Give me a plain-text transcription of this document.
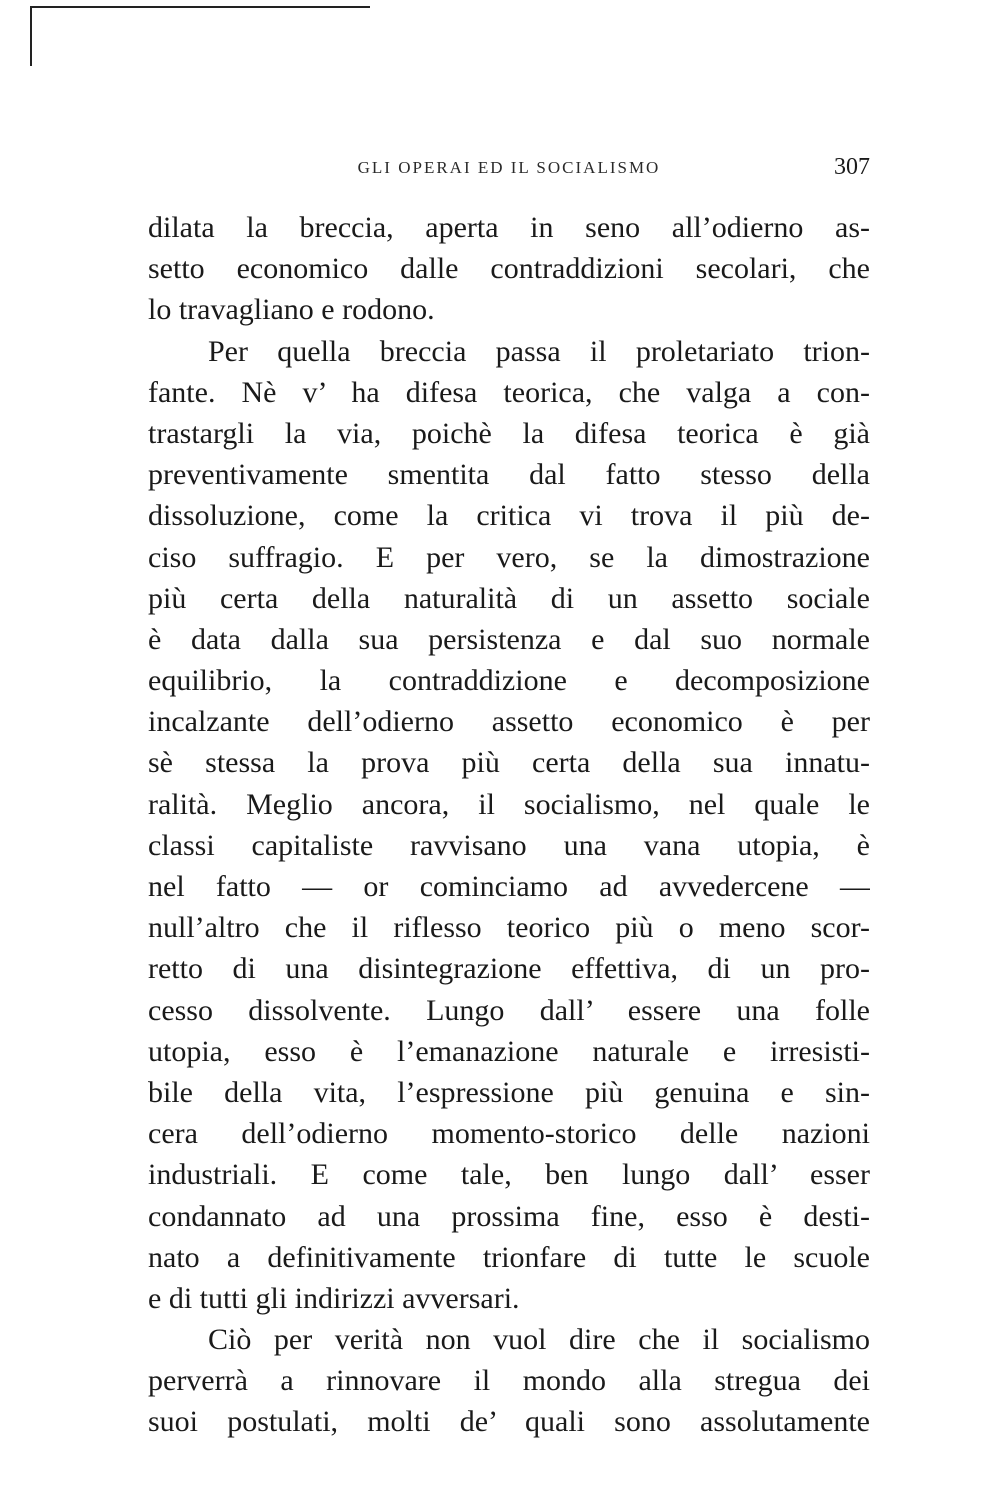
GLI OPERAI ED IL SOCIALISMO	307
dilata la breccia, aperta in seno all’odierno as-
setto economico dalle contraddizioni secolari, che
lo travagliano e rodono.
Per quella breccia passa il proletariato trion-
fante. Nè v’ ha difesa teorica, che valga a con-
trastargli la via, poichè la difesa teorica è già
preventivamente smentita dal fatto stesso della
dissoluzione, come la critica vi trova il più de-
ciso suffragio. E per vero, se la dimostrazione
più certa della naturalità di un assetto sociale
è data dalla sua persistenza e dal suo normale
equilibrio, la contraddizione e decomposizione
incalzante dell’odierno assetto economico è per
sè stessa la prova più certa della sua innatu-
ralità. Meglio ancora, il socialismo, nel quale le
classi capitaliste ravvisano una vana utopia, è
nel fatto — or cominciamo ad avvedercene —
null’altro che il riflesso teorico più o meno scor-
retto di una disintegrazione effettiva, di un pro-
cesso dissolvente. Lungo dall’ essere una folle
utopia, esso è l’emanazione naturale e irresisti-
bile della vita, l’espressione più genuina e sin-
cera dell’odierno momento-storico delle nazioni
industriali. E come tale, ben lungo dall’ esser
condannato ad una prossima fine, esso è desti-
nato a definitivamente trionfare di tutte le scuole
e di tutti gli indirizzi avversari.
Ciò per verità non vuol dire che il socialismo
perverrà a rinnovare il mondo alla stregua dei
suoi postulati, molti de’ quali sono assolutamente
